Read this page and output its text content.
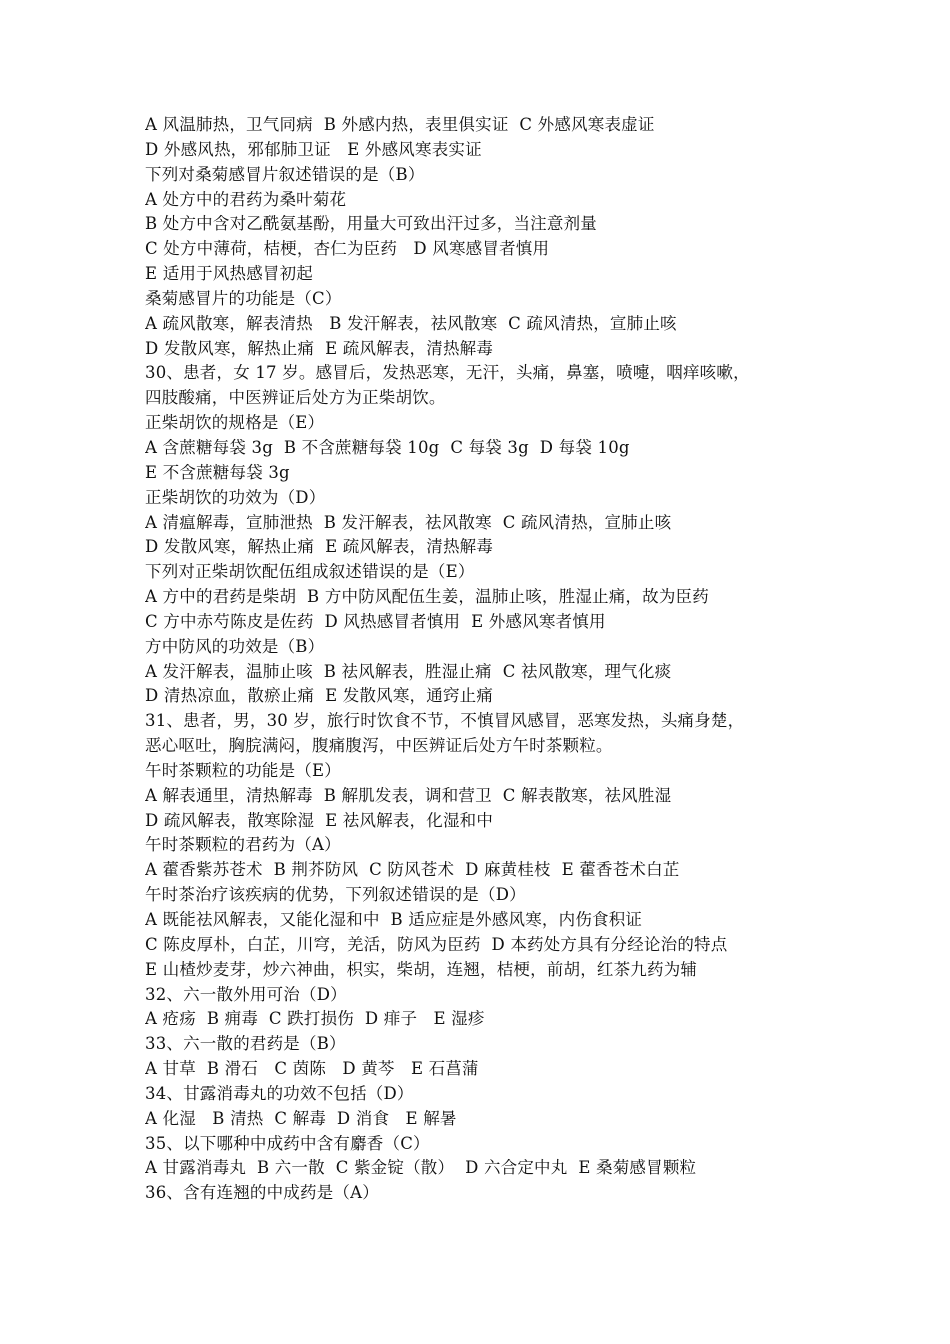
A 风温肺热，卫气同病  B 外感内热，表里俱实证  C 外感风寒表虚证
D 外感风热，邪郁肺卫证   E 外感风寒表实证
下列对桑菊感冒片叙述错误的是（B）
A 处方中的君药为桑叶菊花
B 处方中含对乙酰氨基酚，用量大可致出汗过多，当注意剂量
C 处方中薄荷，桔梗，杏仁为臣药   D 风寒感冒者慎用
E 适用于风热感冒初起
桑菊感冒片的功能是（C）
A 疏风散寒，解表清热   B 发汗解表，祛风散寒  C 疏风清热，宣肺止咳
D 发散风寒，解热止痛  E 疏风解表，清热解毒
30、患者，女 17 岁。感冒后，发热恶寒，无汗，头痛，鼻塞，喷嚏，咽痒咳嗽，
四肢酸痛，中医辨证后处方为正柴胡饮。
正柴胡饮的规格是（E）
A 含蔗糖每袋 3g  B 不含蔗糖每袋 10g  C 每袋 3g  D 每袋 10g
E 不含蔗糖每袋 3g
正柴胡饮的功效为（D）
A 清瘟解毒，宣肺泄热  B 发汗解表，祛风散寒  C 疏风清热，宣肺止咳
D 发散风寒，解热止痛  E 疏风解表，清热解毒
下列对正柴胡饮配伍组成叙述错误的是（E）
A 方中的君药是柴胡  B 方中防风配伍生姜，温肺止咳，胜湿止痛，故为臣药
C 方中赤芍陈皮是佐药  D 风热感冒者慎用  E 外感风寒者慎用
方中防风的功效是（B）
A 发汗解表，温肺止咳  B 祛风解表，胜湿止痛  C 祛风散寒，理气化痰
D 清热凉血，散瘀止痛  E 发散风寒，通窍止痛
31、患者，男，30 岁，旅行时饮食不节，不慎冒风感冒，恶寒发热，头痛身楚，
恶心呕吐，胸脘满闷，腹痛腹泻，中医辨证后处方午时茶颗粒。
午时茶颗粒的功能是（E）
A 解表通里，清热解毒  B 解肌发表，调和营卫  C 解表散寒，祛风胜湿
D 疏风解表，散寒除湿  E 祛风解表，化湿和中
午时茶颗粒的君药为（A）
A 藿香紫苏苍术  B 荆芥防风  C 防风苍术  D 麻黄桂枝  E 藿香苍术白芷
午时茶治疗该疾病的优势，下列叙述错误的是（D）
A 既能祛风解表，又能化湿和中  B 适应症是外感风寒，内伤食积证
C 陈皮厚朴，白芷，川穹，羌活，防风为臣药  D 本药处方具有分经论治的特点
E 山楂炒麦芽，炒六神曲，枳实，柴胡，连翘，桔梗，前胡，红茶九药为辅
32、六一散外用可治（D）
A 疮疡  B 痈毒  C 跌打损伤  D 痱子   E 湿疹
33、六一散的君药是（B）
A 甘草  B 滑石   C 茵陈   D 黄芩   E 石菖蒲
34、甘露消毒丸的功效不包括（D）
A 化湿   B 清热  C 解毒  D 消食   E 解暑
35、以下哪种中成药中含有麝香（C）
A 甘露消毒丸  B 六一散  C 紫金锭（散）  D 六合定中丸  E 桑菊感冒颗粒
36、含有连翘的中成药是（A）
